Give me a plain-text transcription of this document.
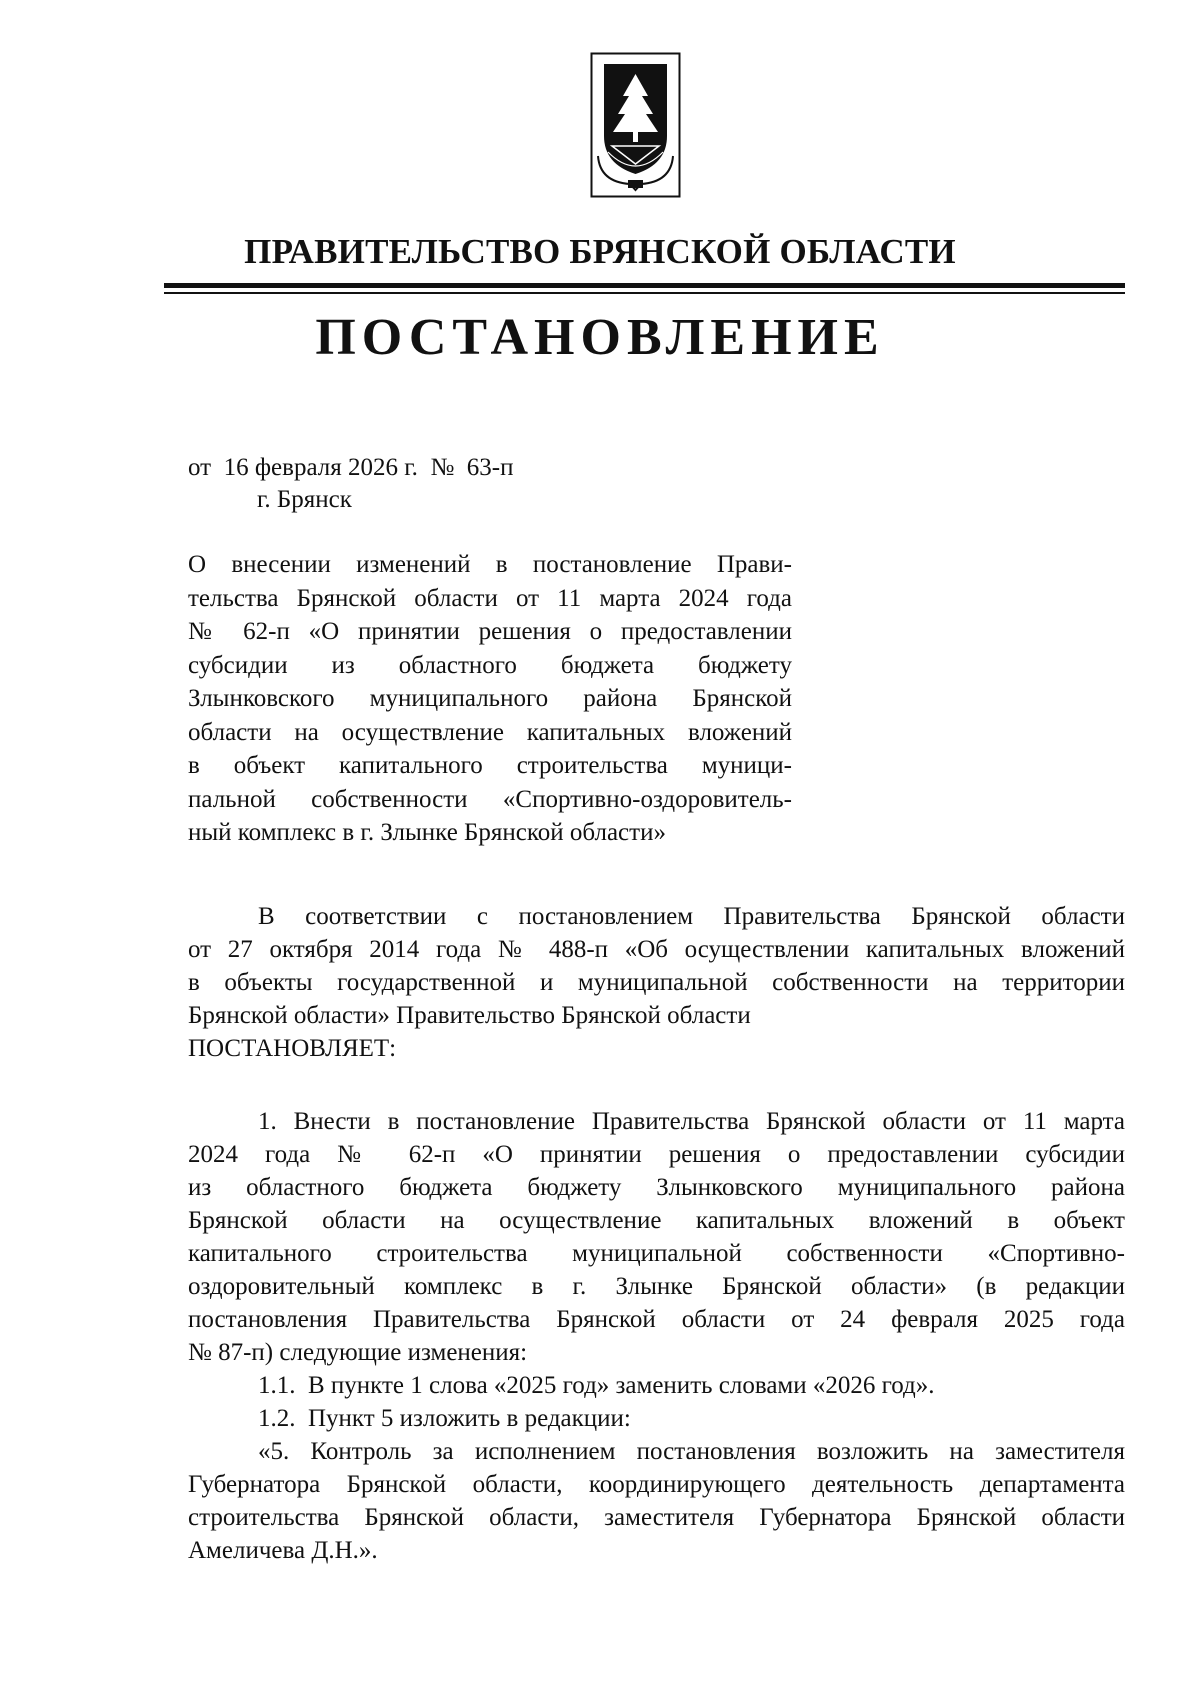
ПРАВИТЕЛЬСТВО БРЯНСКОЙ ОБЛАСТИ
ПОСТАНОВЛЕНИЕ
от 16 февраля 2026 г. № 63-п
г. Брянск
О внесении изменений в постановление Прави-
тельства Брянской области от 11 марта 2024 года
№ 62-п «О принятии решения о предоставлении
субсидии из областного бюджета бюджету
Злынковского муниципального района Брянской
области на осуществление капитальных вложений
в объект капитального строительства муници-
пальной собственности «Спортивно-оздоровитель-
ный комплекс в г. Злынке Брянской области»
В соответствии с постановлением Правительства Брянской области
от 27 октября 2014 года № 488-п «Об осуществлении капитальных вложений
в объекты государственной и муниципальной собственности на территории
Брянской области» Правительство Брянской области
ПОСТАНОВЛЯЕТ:
1. Внести в постановление Правительства Брянской области от 11 марта
2024 года № 62-п «О принятии решения о предоставлении субсидии
из областного бюджета бюджету Злынковского муниципального района
Брянской области на осуществление капитальных вложений в объект
капитального строительства муниципальной собственности «Спортивно-
оздоровительный комплекс в г. Злынке Брянской области» (в редакции
постановления Правительства Брянской области от 24 февраля 2025 года
№ 87-п) следующие изменения:
1.1.  В пункте 1 слова «2025 год» заменить словами «2026 год».
1.2.  Пункт 5 изложить в редакции:
«5. Контроль за исполнением постановления возложить на заместителя
Губернатора Брянской области, координирующего деятельность департамента
строительства Брянской области, заместителя Губернатора Брянской области
Амеличева Д.Н.».
